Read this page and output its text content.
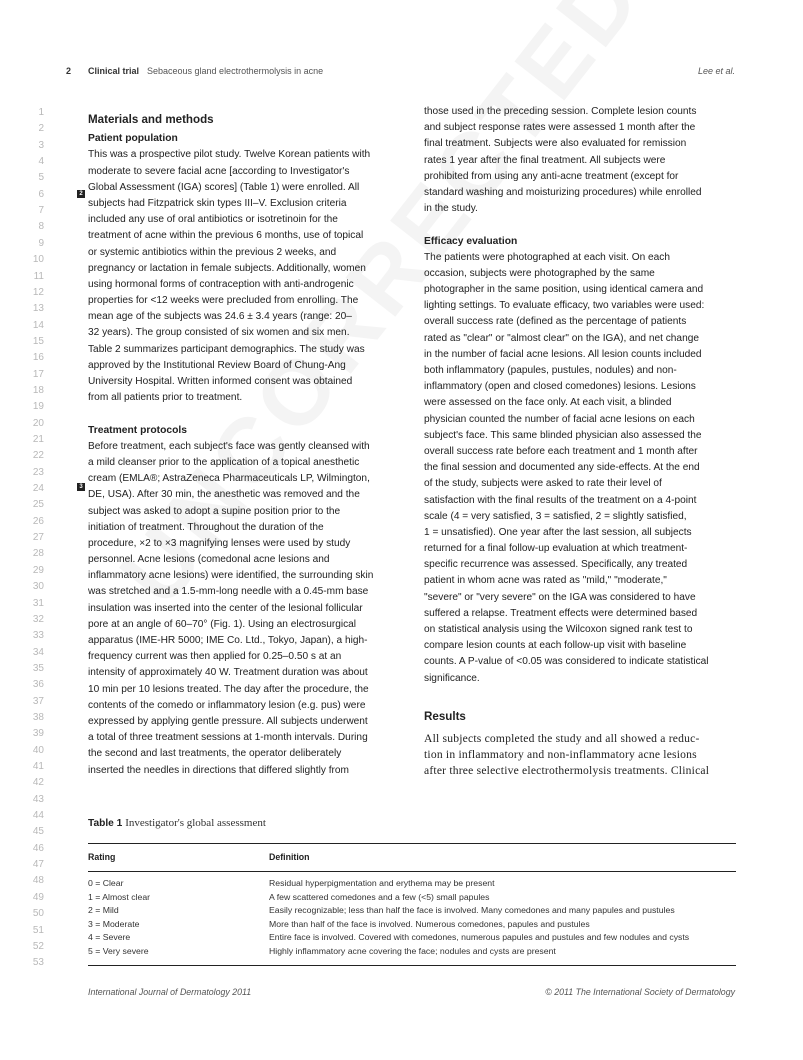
2 Clinical trial Sebaceous gland electrothermolysis in acne	Lee et al.
1
2
3
4
5
6
7
8
9
10
11
12
13
14
15
16
17
18
19
20
21
22
23
24
25
26
27
28
29
30
31
32
33
34
35
36
37
38
39
40
41
42
43
44
45
46
47
48
49
50
51
52
53
2
3
Materials and methods
Patient population
This was a prospective pilot study. Twelve Korean patients with
moderate to severe facial acne [according to Investigator's
Global Assessment (IGA) scores] (Table 1) were enrolled. All
subjects had Fitzpatrick skin types III–V. Exclusion criteria
included any use of oral antibiotics or isotretinoin for the
treatment of acne within the previous 6 months, use of topical
or systemic antibiotics within the previous 2 weeks, and
pregnancy or lactation in female subjects. Additionally, women
using hormonal forms of contraception with anti-androgenic
properties for <12 weeks were precluded from enrolling. The
mean age of the subjects was 24.6 ± 3.4 years (range: 20–
32 years). The group consisted of six women and six men.
Table 2 summarizes participant demographics. The study was
approved by the Institutional Review Board of Chung-Ang
University Hospital. Written informed consent was obtained
from all patients prior to treatment.
Treatment protocols
Before treatment, each subject's face was gently cleansed with
a mild cleanser prior to the application of a topical anesthetic
cream (EMLA®; AstraZeneca Pharmaceuticals LP, Wilmington,
DE, USA). After 30 min, the anesthetic was removed and the
subject was asked to adopt a supine position prior to the
initiation of treatment. Throughout the duration of the
procedure, ×2 to ×3 magnifying lenses were used by study
personnel. Acne lesions (comedonal acne lesions and
inflammatory acne lesions) were identified, the surrounding skin
was stretched and a 1.5-mm-long needle with a 0.45-mm base
insulation was inserted into the center of the lesional follicular
pore at an angle of 60–70° (Fig. 1). Using an electrosurgical
apparatus (IME-HR 5000; IME Co. Ltd., Tokyo, Japan), a high-
frequency current was then applied for 0.25–0.50 s at an
intensity of approximately 40 W. Treatment duration was about
10 min per 10 lesions treated. The day after the procedure, the
contents of the comedo or inflammatory lesion (e.g. pus) were
expressed by applying gentle pressure. All subjects underwent
a total of three treatment sessions at 1-month intervals. During
the second and last treatments, the operator deliberately
inserted the needles in directions that differed slightly from
those used in the preceding session. Complete lesion counts
and subject response rates were assessed 1 month after the
final treatment. Subjects were also evaluated for remission
rates 1 year after the final treatment. All subjects were
prohibited from using any anti-acne treatment (except for
standard washing and moisturizing procedures) while enrolled
in the study.
Efficacy evaluation
The patients were photographed at each visit. On each
occasion, subjects were photographed by the same
photographer in the same position, using identical camera and
lighting settings. To evaluate efficacy, two variables were used:
overall success rate (defined as the percentage of patients
rated as "clear" or "almost clear" on the IGA), and net change
in the number of facial acne lesions. All lesion counts included
both inflammatory (papules, pustules, nodules) and non-
inflammatory (open and closed comedones) lesions. Lesions
were assessed on the face only. At each visit, a blinded
physician counted the number of facial acne lesions on each
subject's face. This same blinded physician also assessed the
overall success rate before each treatment and 1 month after
the final session and documented any side-effects. At the end
of the study, subjects were asked to rate their level of
satisfaction with the final results of the treatment on a 4-point
scale (4 = very satisfied, 3 = satisfied, 2 = slightly satisfied,
1 = unsatisfied). One year after the last session, all subjects
returned for a final follow-up evaluation at which treatment-
specific recurrence was assessed. Specifically, any treated
patient in whom acne was rated as "mild," "moderate,"
"severe" or "very severe" on the IGA was considered to have
suffered a relapse. Treatment effects were determined based
on statistical analysis using the Wilcoxon signed rank test to
compare lesion counts at each follow-up visit with baseline
counts. A P-value of <0.05 was considered to indicate statistical
significance.
Results
All subjects completed the study and all showed a reduc-
tion in inflammatory and non-inflammatory acne lesions
after three selective electrothermolysis treatments. Clinical
Table 1 Investigator's global assessment
Rating	Definition
0 = Clear	Residual hyperpigmentation and erythema may be present
1 = Almost clear	A few scattered comedones and a few (<5) small papules
2 = Mild	Easily recognizable; less than half the face is involved. Many comedones and many papules and pustules
3 = Moderate	More than half of the face is involved. Numerous comedones, papules and pustules
4 = Severe	Entire face is involved. Covered with comedones, numerous papules and pustules and few nodules and cysts
5 = Very severe	Highly inflammatory acne covering the face; nodules and cysts are present
International Journal of Dermatology 2011	© 2011 The International Society of Dermatology
